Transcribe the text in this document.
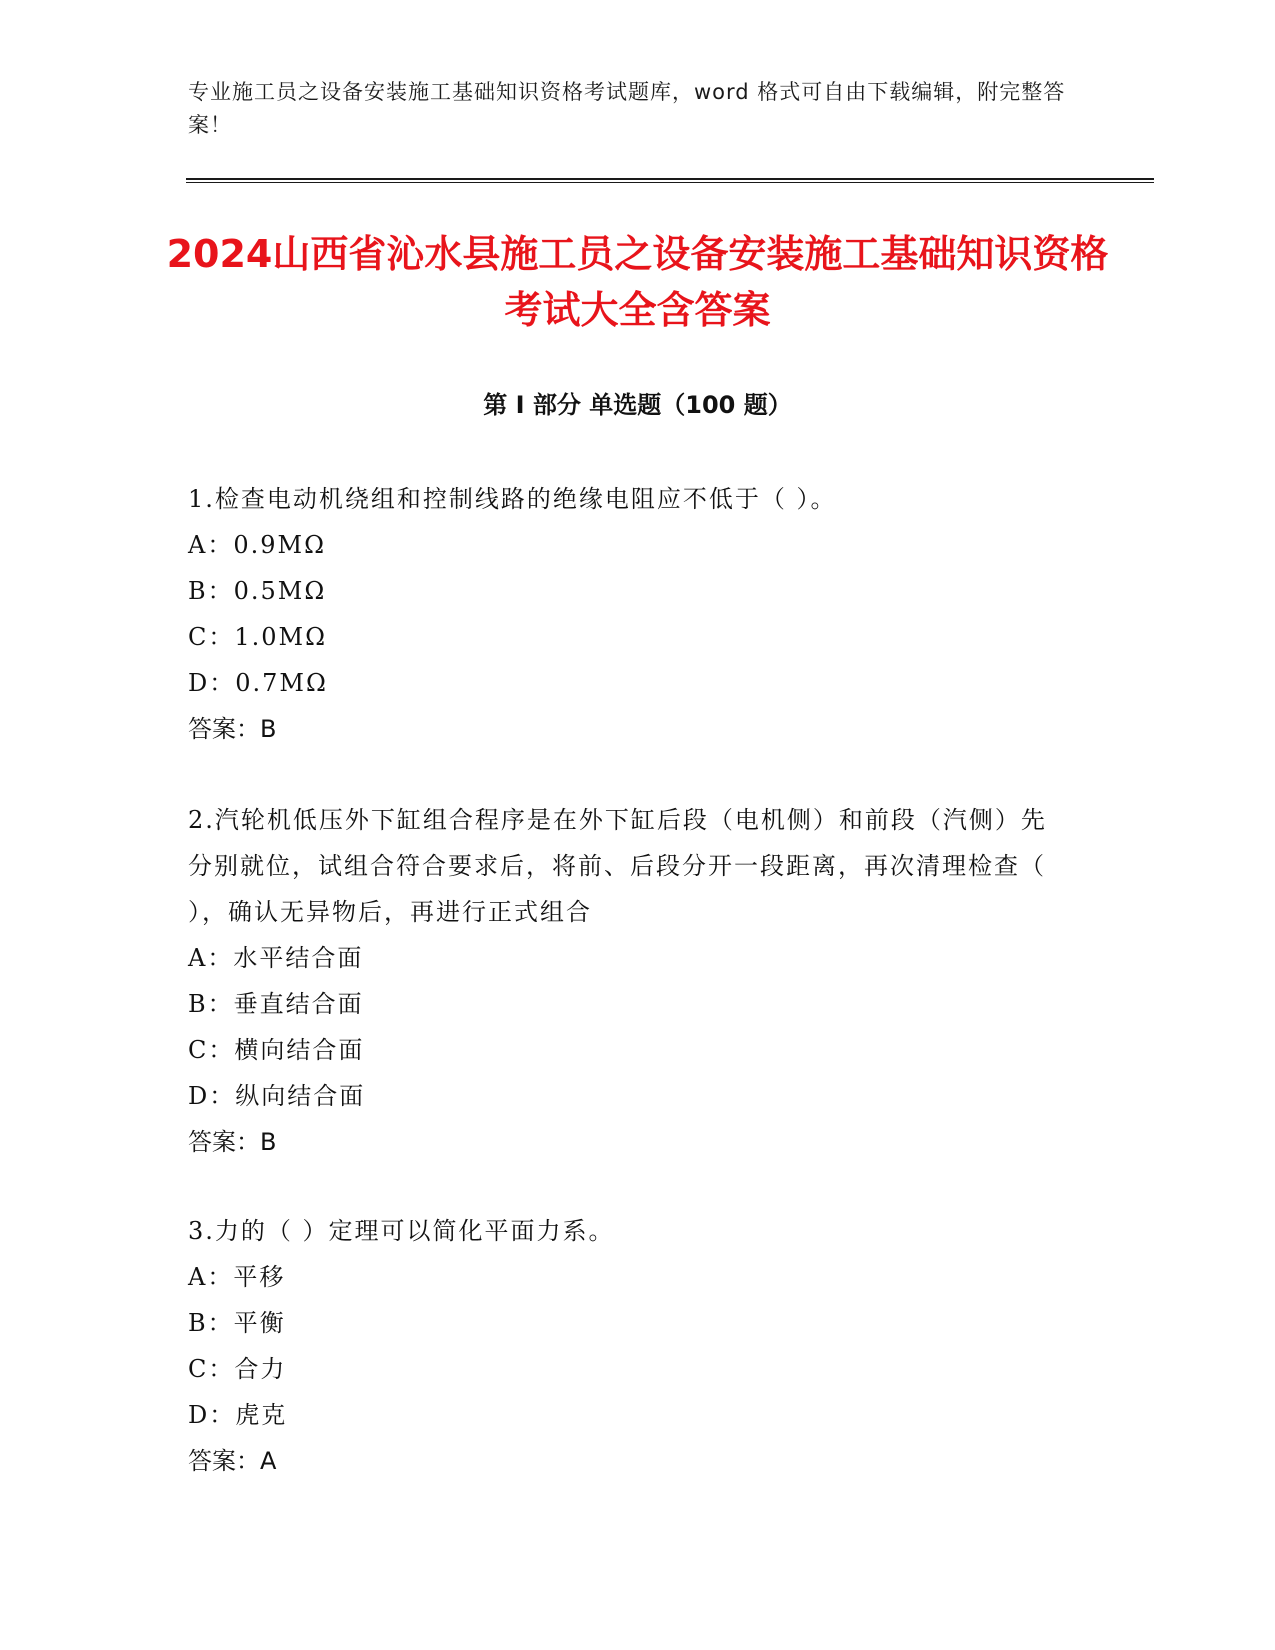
专业施工员之设备安装施工基础知识资格考试题库，word 格式可自由下载编辑，附完整答案！
2024山西省沁水县施工员之设备安装施工基础知识资格考试大全含答案
第 I 部分 单选题（100 题）

1.检查电动机绕组和控制线路的绝缘电阻应不低于（ ）。

A：0.9MΩ

B：0.5MΩ

C：1.0MΩ

D：0.7MΩ

答案：B

2.汽轮机低压外下缸组合程序是在外下缸后段（电机侧）和前段（汽侧）先分别就位，试组合符合要求后，将前、后段分开一段距离，再次清理检查（ ），确认无异物后，再进行正式组合

A：水平结合面

B：垂直结合面

C：横向结合面

D：纵向结合面

答案：B

3.力的（ ）定理可以简化平面力系。

A：平移

B：平衡

C：合力

D：虎克

答案：A
